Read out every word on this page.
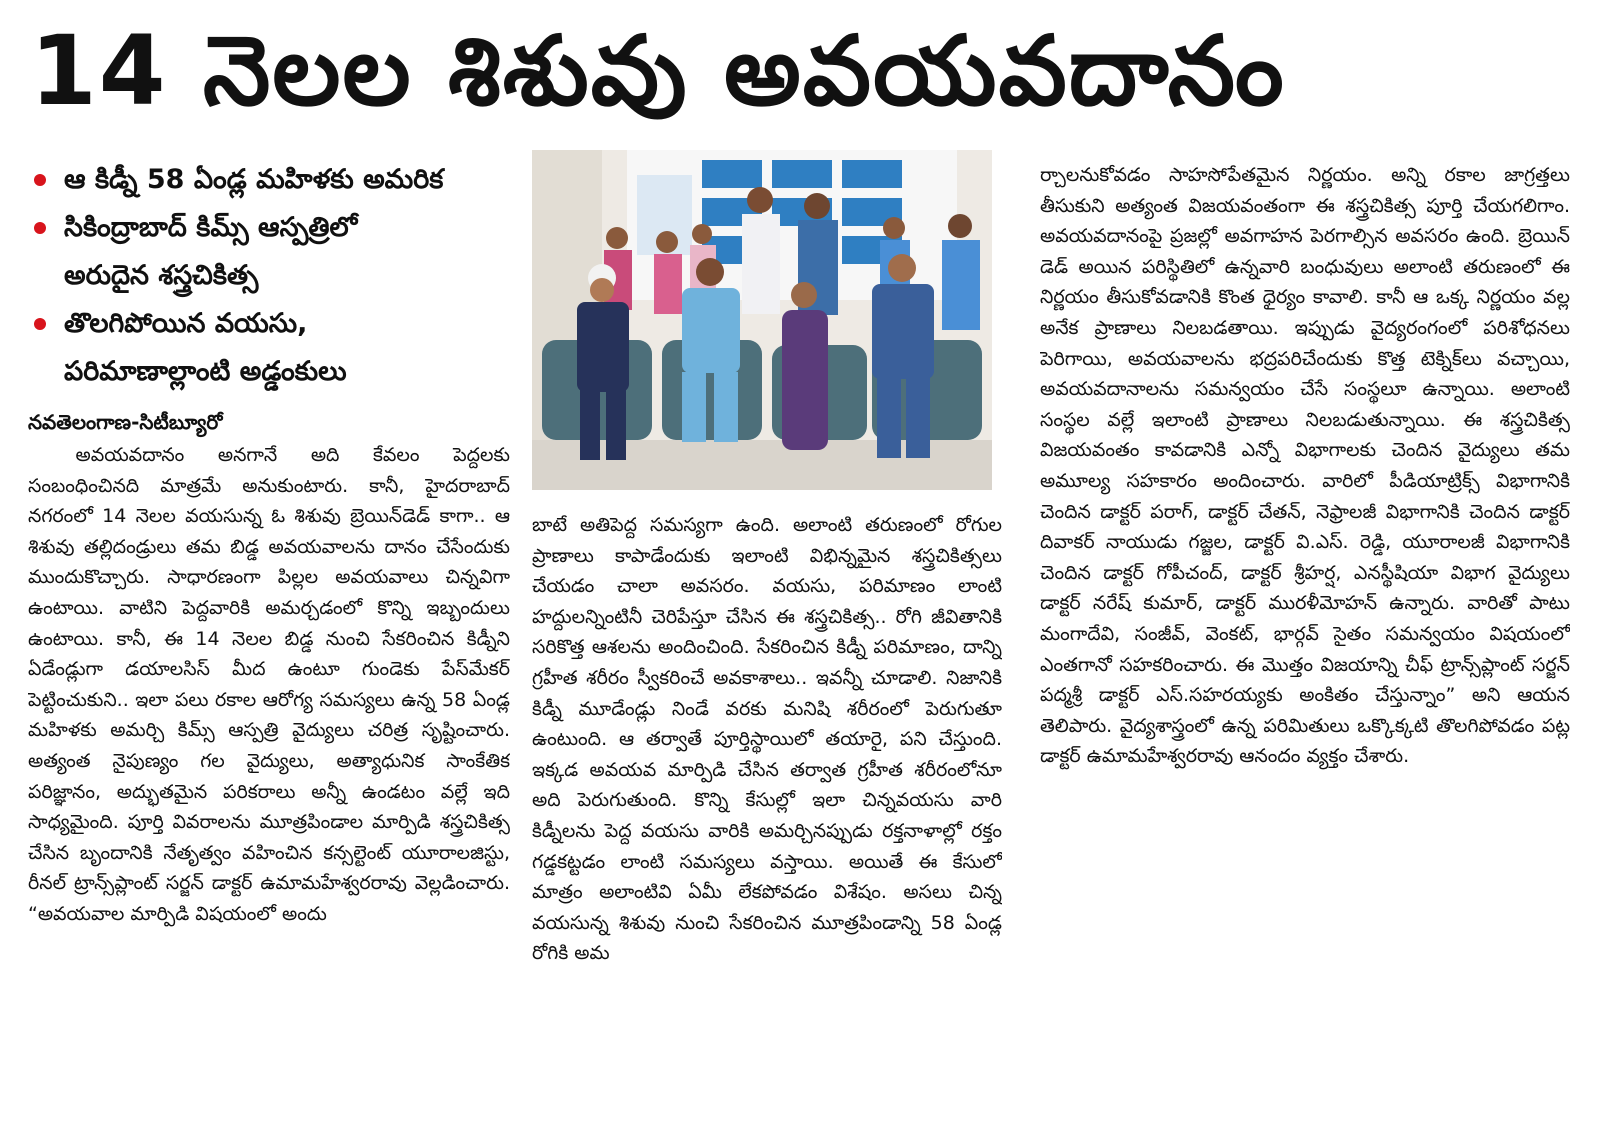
14 నెలల శిశువు అవయవదానం
ఆ కిడ్నీ 58 ఏండ్ల మహిళకు అమరిక
సికింద్రాబాద్ కిమ్స్ ఆస్పత్రిలో
అరుదైన శస్త్రచికిత్స
తొలగిపోయిన వయసు,
పరిమాణాల్లాంటి అడ్డంకులు
నవతెలంగాణ-సిటీబ్యూరో

అవయవదానం అనగానే అది కేవలం పెద్దలకు సంబంధించినది మాత్రమే అనుకుంటారు. కానీ, హైదరాబాద్ నగరంలో 14 నెలల వయసున్న ఓ శిశువు బ్రెయిన్‌డెడ్ కాగా.. ఆ శిశువు తల్లిదండ్రులు తమ బిడ్డ అవయవాలను దానం చేసేందుకు ముందుకొచ్చారు. సాధారణంగా పిల్లల అవయవాలు చిన్నవిగా ఉంటాయి. వాటిని పెద్దవారికి అమర్చడంలో కొన్ని ఇబ్బందులు ఉంటాయి. కానీ, ఈ 14 నెలల బిడ్డ నుంచి సేకరించిన కిడ్నీని ఏడేండ్లుగా డయాలసిస్ మీద ఉంటూ గుండెకు పేస్‌మేకర్ పెట్టించుకుని.. ఇలా పలు రకాల ఆరోగ్య సమస్యలు ఉన్న 58 ఏండ్ల మహిళకు అమర్చి కిమ్స్ ఆస్పత్రి వైద్యులు చరిత్ర సృష్టించారు. అత్యంత నైపుణ్యం గల వైద్యులు, అత్యాధునిక సాంకేతిక పరిజ్ఞానం, అద్భుతమైన పరికరాలు అన్నీ ఉండటం వల్లే ఇది సాధ్యమైంది. పూర్తి వివరాలను మూత్రపిండాల మార్పిడి శస్త్రచికిత్స చేసిన బృందానికి నేతృత్వం వహించిన కన్సల్టెంట్ యూరాలజిస్టు, రీనల్ ట్రాన్స్‌ప్లాంట్ సర్జన్ డాక్టర్ ఉమామహేశ్వరరావు వెల్లడించారు. “అవయవాల మార్పిడి విషయంలో అందు

బాటే అతిపెద్ద సమస్యగా ఉంది. అలాంటి తరుణంలో రోగుల ప్రాణాలు కాపాడేందుకు ఇలాంటి విభిన్నమైన శస్త్రచికిత్సలు చేయడం చాలా అవసరం. వయసు, పరిమాణం లాంటి హద్దులన్నింటినీ చెరిపేస్తూ చేసిన ఈ శస్త్రచికిత్స.. రోగి జీవితానికి సరికొత్త ఆశలను అందించింది. సేకరించిన కిడ్నీ పరిమాణం, దాన్ని గ్రహీత శరీరం స్వీకరించే అవకాశాలు.. ఇవన్నీ చూడాలి. నిజానికి కిడ్నీ మూడేండ్లు నిండే వరకు మనిషి శరీరంలో పెరుగుతూ ఉంటుంది. ఆ తర్వాతే పూర్తిస్థాయిలో తయారై, పని చేస్తుంది. ఇక్కడ అవయవ మార్పిడి చేసిన తర్వాత గ్రహీత శరీరంలోనూ అది పెరుగుతుంది. కొన్ని కేసుల్లో ఇలా చిన్నవయసు వారి కిడ్నీలను పెద్ద వయసు వారికి అమర్చినప్పుడు రక్తనాళాల్లో రక్తం గడ్డకట్టడం లాంటి సమస్యలు వస్తాయి. అయితే ఈ కేసులో మాత్రం అలాంటివి ఏమీ లేకపోవడం విశేషం. అసలు చిన్న వయసున్న శిశువు నుంచి సేకరించిన మూత్రపిండాన్ని 58 ఏండ్ల రోగికి అమ

ర్చాలనుకోవడం సాహసోపేతమైన నిర్ణయం. అన్ని రకాల జాగ్రత్తలు తీసుకుని అత్యంత విజయవంతంగా ఈ శస్త్రచికిత్స పూర్తి చేయగలిగాం. అవయవదానంపై ప్రజల్లో అవగాహన పెరగాల్సిన అవసరం ఉంది. బ్రెయిన్ డెడ్ అయిన పరిస్థితిలో ఉన్నవారి బంధువులు అలాంటి తరుణంలో ఈ నిర్ణయం తీసుకోవడానికి కొంత ధైర్యం కావాలి. కానీ ఆ ఒక్క నిర్ణయం వల్ల అనేక ప్రాణాలు నిలబడతాయి. ఇప్పుడు వైద్యరంగంలో పరిశోధనలు పెరిగాయి, అవయవాలను భద్రపరిచేందుకు కొత్త టెక్నిక్‌లు వచ్చాయి, అవయవదానాలను సమన్వయం చేసే సంస్థలూ ఉన్నాయి. అలాంటి సంస్థల వల్లే ఇలాంటి ప్రాణాలు నిలబడుతున్నాయి. ఈ శస్త్రచికిత్స విజయవంతం కావడానికి ఎన్నో విభాగాలకు చెందిన వైద్యులు తమ అమూల్య సహకారం అందించారు. వారిలో పీడియాట్రిక్స్ విభాగానికి చెందిన డాక్టర్ పరాగ్, డాక్టర్ చేతన్, నెఫ్రాలజీ విభాగానికి చెందిన డాక్టర్ దివాకర్ నాయుడు గజ్జల, డాక్టర్ వి.ఎస్. రెడ్డి, యూరాలజీ విభాగానికి చెందిన డాక్టర్ గోపీచంద్, డాక్టర్ శ్రీహర్ష, ఎనస్థీషియా విభాగ వైద్యులు డాక్టర్ నరేష్ కుమార్, డాక్టర్ మురళీమోహన్ ఉన్నారు. వారితో పాటు మంగాదేవి, సంజీవ్, వెంకట్, భార్గవ్ సైతం సమన్వయం విషయంలో ఎంతగానో సహకరించారు. ఈ మొత్తం విజయాన్ని చీఫ్ ట్రాన్స్‌ప్లాంట్ సర్జన్ పద్మశ్రీ డాక్టర్ ఎస్.సహరయ్యకు అంకితం చేస్తున్నాం” అని ఆయన తెలిపారు. వైద్యశాస్త్రంలో ఉన్న పరిమితులు ఒక్కొక్కటి తొలగిపోవడం పట్ల డాక్టర్ ఉమామహేశ్వరరావు ఆనందం వ్యక్తం చేశారు.
